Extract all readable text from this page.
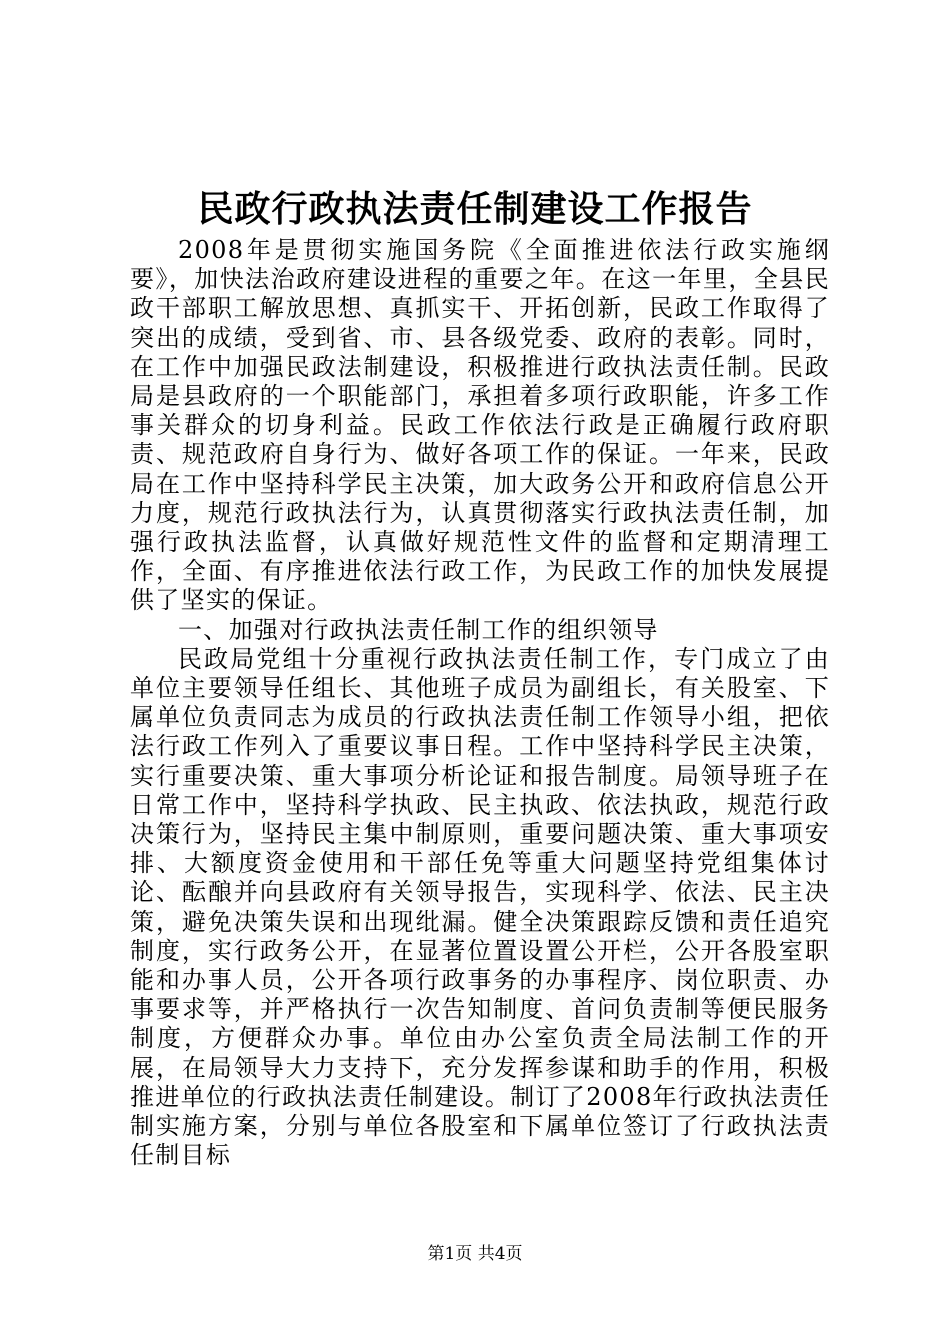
民政行政执法责任制建设工作报告

2008年是贯彻实施国务院《全面推进依法行政实施纲要》，加快法治政府建设进程的重要之年。在这一年里，全县民政干部职工解放思想、真抓实干、开拓创新，民政工作取得了突出的成绩，受到省、市、县各级党委、政府的表彰。同时，在工作中加强民政法制建设，积极推进行政执法责任制。民政局是县政府的一个职能部门，承担着多项行政职能，许多工作事关群众的切身利益。民政工作依法行政是正确履行政府职责、规范政府自身行为、做好各项工作的保证。一年来，民政局在工作中坚持科学民主决策，加大政务公开和政府信息公开力度，规范行政执法行为，认真贯彻落实行政执法责任制，加强行政执法监督，认真做好规范性文件的监督和定期清理工作，全面、有序推进依法行政工作，为民政工作的加快发展提供了坚实的保证。

一、加强对行政执法责任制工作的组织领导

民政局党组十分重视行政执法责任制工作，专门成立了由单位主要领导任组长、其他班子成员为副组长，有关股室、下属单位负责同志为成员的行政执法责任制工作领导小组，把依法行政工作列入了重要议事日程。工作中坚持科学民主决策，实行重要决策、重大事项分析论证和报告制度。局领导班子在日常工作中，坚持科学执政、民主执政、依法执政，规范行政决策行为，坚持民主集中制原则，重要问题决策、重大事项安排、大额度资金使用和干部任免等重大问题坚持党组集体讨论、酝酿并向县政府有关领导报告，实现科学、依法、民主决策，避免决策失误和出现纰漏。健全决策跟踪反馈和责任追究制度，实行政务公开，在显著位置设置公开栏，公开各股室职能和办事人员，公开各项行政事务的办事程序、岗位职责、办事要求等，并严格执行一次告知制度、首问负责制等便民服务制度，方便群众办事。单位由办公室负责全局法制工作的开展，在局领导大力支持下，充分发挥参谋和助手的作用，积极推进单位的行政执法责任制建设。制订了2008年行政执法责任制实施方案，分别与单位各股室和下属单位签订了行政执法责任制目标

第1页 共4页
